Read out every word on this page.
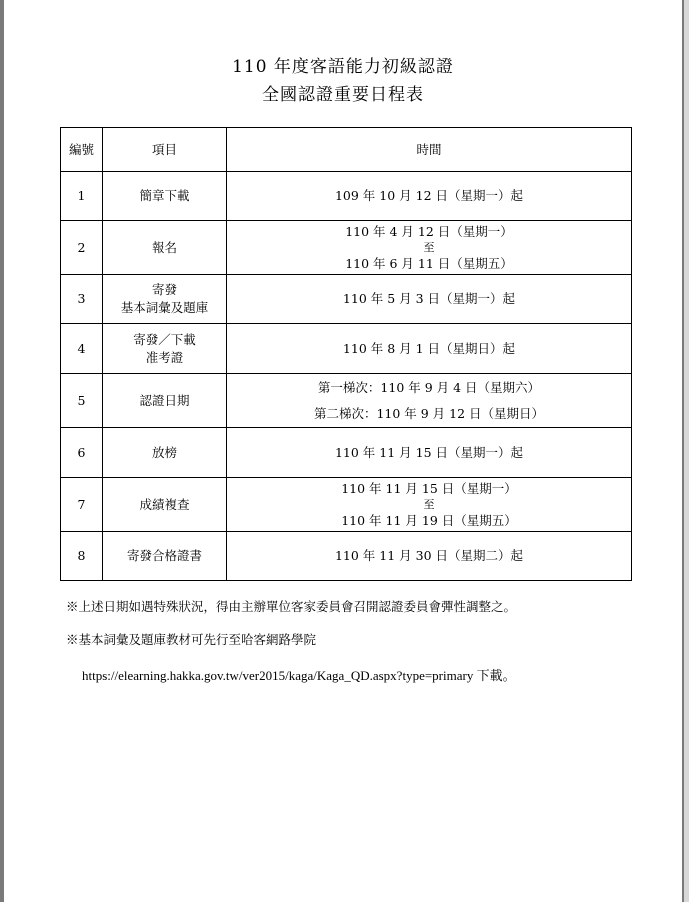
110 年度客語能力初級認證
全國認證重要日程表
編號	項目	時間
1	簡章下載	109 年 10 月 12 日（星期一）起
2	報名	110 年 4 月 12 日（星期一）
至
110 年 6 月 11 日（星期五）

3	寄發
基本詞彙及題庫	110 年 5 月 3 日（星期一）起
4	寄發／下載
准考證	110 年 8 月 1 日（星期日）起
5	認證日期	第一梯次：110 年 9 月 4 日（星期六）
第二梯次：110 年 9 月 12 日（星期日）

6	放榜	110 年 11 月 15 日（星期一）起
7	成績複查	110 年 11 月 15 日（星期一）
至
110 年 11 月 19 日（星期五）

8	寄發合格證書	110 年 11 月 30 日（星期二）起
※上述日期如遇特殊狀況，得由主辦單位客家委員會召開認證委員會彈性調整之。
※基本詞彙及題庫教材可先行至哈客網路學院
https://elearning.hakka.gov.tw/ver2015/kaga/Kaga_QD.aspx?type=primary 下載。
